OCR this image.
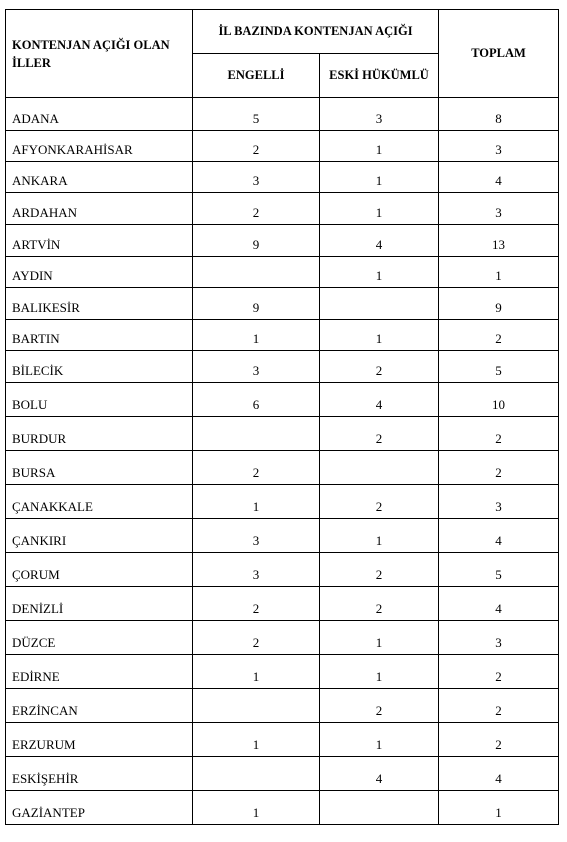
KONTENJAN AÇIĞI OLAN İLLER	İL BAZINDA KONTENJAN AÇIĞI		TOPLAM
	ENGELLİ	ESKİ HÜKÜMLÜ	
ADANA	5	3	8
AFYONKARAHİSAR	2	1	3
ANKARA	3	1	4
ARDAHAN	2	1	3
ARTVİN	9	4	13
AYDIN		1	1
BALIKESİR	9		9
BARTIN	1	1	2
BİLECİK	3	2	5
BOLU	6	4	10
BURDUR		2	2
BURSA	2		2
ÇANAKKALE	1	2	3
ÇANKIRI	3	1	4
ÇORUM	3	2	5
DENİZLİ	2	2	4
DÜZCE	2	1	3
EDİRNE	1	1	2
ERZİNCAN		2	2
ERZURUM	1	1	2
ESKİŞEHİR		4	4
GAZİANTEP	1		1
